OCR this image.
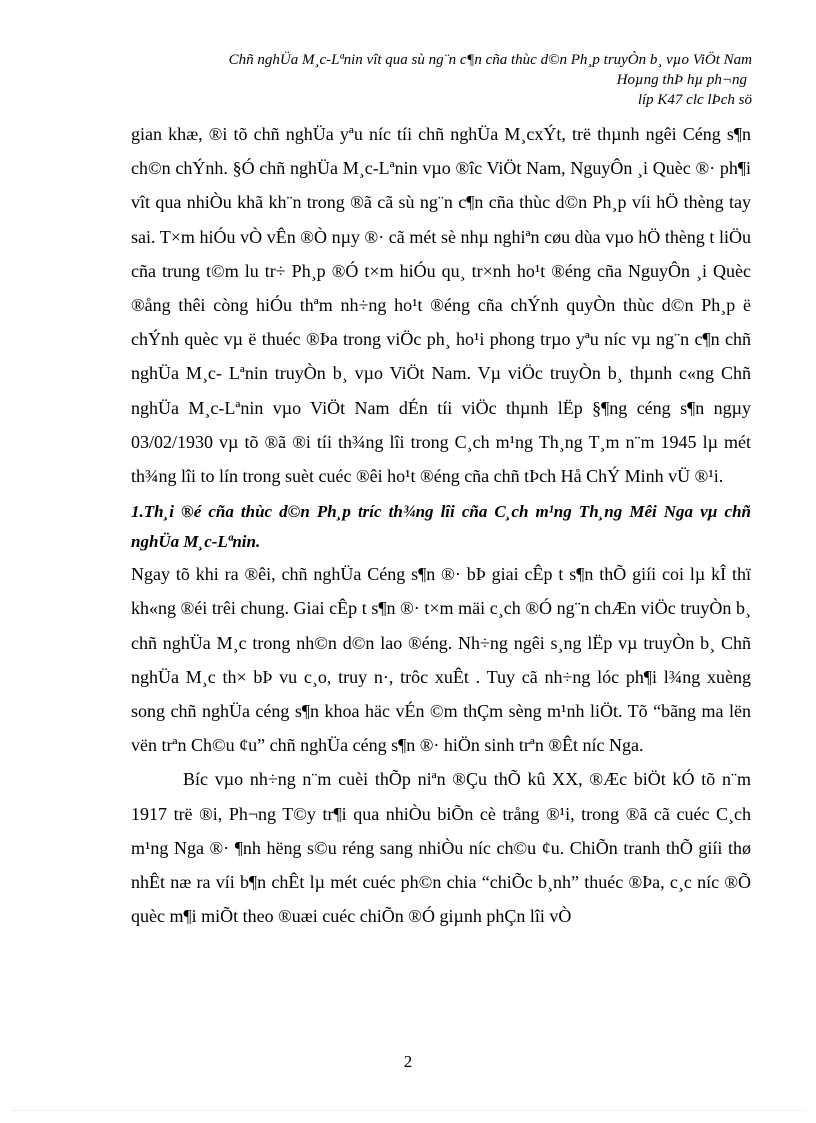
Chñ nghÜa M¸c-Lªnin vît qua sù ng¨n c¶n cña thùc d©n Ph¸p truyÒn b¸ vµo ViÖt Nam
Hoµng thÞ hµ ph¬ng
líp K47 clc lÞch sö

gian khæ, ®i tõ chñ nghÜa yªu níc tíi chñ nghÜa M¸cxÝt, trë thµnh ngêi Céng s¶n ch©n chÝnh. §Ó chñ nghÜa M¸c-Lªnin vµo ®îc ViÖt Nam, NguyÔn ¸i Quèc ®· ph¶i vît qua nhiÒu khã kh¨n trong ®ã cã sù ng¨n c¶n cña thùc d©n Ph¸p víi hÖ thèng tay sai. T×m hiÓu vÒ vÊn ®Ò nµy ®· cã mét sè nhµ nghiªn cøu dùa vµo hÖ thèng t liÖu cña trung t©m lu tr÷ Ph¸p ®Ó t×m hiÓu qu¸ tr×nh ho¹t ®éng cña NguyÔn ¸i Quèc ®ång thêi còng hiÓu thªm nh÷ng ho¹t ®éng cña chÝnh quyÒn thùc d©n Ph¸p ë chÝnh quèc vµ ë thuéc ®Þa trong viÖc ph¸ ho¹i phong trµo yªu níc vµ ng¨n c¶n chñ nghÜa M¸c- Lªnin truyÒn b¸ vµo ViÖt Nam. Vµ viÖc truyÒn b¸ thµnh c«ng Chñ nghÜa M¸c-Lªnin vµo ViÖt Nam dÉn tíi viÖc thµnh lËp §¶ng céng s¶n ngµy 03/02/1930 vµ tõ ®ã ®i tíi th¾ng lîi trong C¸ch m¹ng Th¸ng T¸m n¨m 1945 lµ mét th¾ng lîi to lín trong suèt cuéc ®êi ho¹t ®éng cña chñ tÞch Hå ChÝ Minh vÜ ®¹i.

1.Th¸i ®é cña thùc d©n Ph¸p tríc th¾ng lîi cña C¸ch m¹ng Th¸ng Mêi Nga vµ chñ nghÜa M¸c-Lªnin.

Ngay tõ khi ra ®êi, chñ nghÜa Céng s¶n ®· bÞ giai cÊp t s¶n thÕ giíi coi lµ kÎ thï kh«ng ®éi trêi chung. Giai cÊp t s¶n ®· t×m mäi c¸ch ®Ó ng¨n chÆn viÖc truyÒn b¸ chñ nghÜa M¸c trong nh©n d©n lao ®éng. Nh÷ng ngêi s¸ng lËp vµ truyÒn b¸ Chñ nghÜa M¸c th× bÞ vu c¸o, truy n·, trôc xuÊt . Tuy cã nh÷ng lóc ph¶i l¾ng xuèng song chñ nghÜa céng s¶n khoa häc vÉn ©m thÇm sèng m¹nh liÖt. Tõ “bãng ma lën vën trªn Ch©u ¢u” chñ nghÜa céng s¶n ®· hiÖn sinh trªn ®Êt níc Nga.

Bíc vµo nh÷ng n¨m cuèi thÕp niªn ®Çu thÕ kû XX, ®Æc biÖt kÓ tõ n¨m 1917 trë ®i, Ph¬ng T©y tr¶i qua nhiÒu biÕn cè trång ®¹i, trong ®ã cã cuéc C¸ch m¹ng Nga ®· ¶nh hëng s©u réng sang nhiÒu níc ch©u ¢u. ChiÕn tranh thÕ giíi thø nhÊt næ ra víi b¶n chÊt lµ mét cuéc ph©n chia “chiÕc b¸nh” thuéc ®Þa, c¸c níc ®Õ quèc m¶i miÕt theo ®uæi cuéc chiÕn ®Ó giµnh phÇn lîi vÒ

2
